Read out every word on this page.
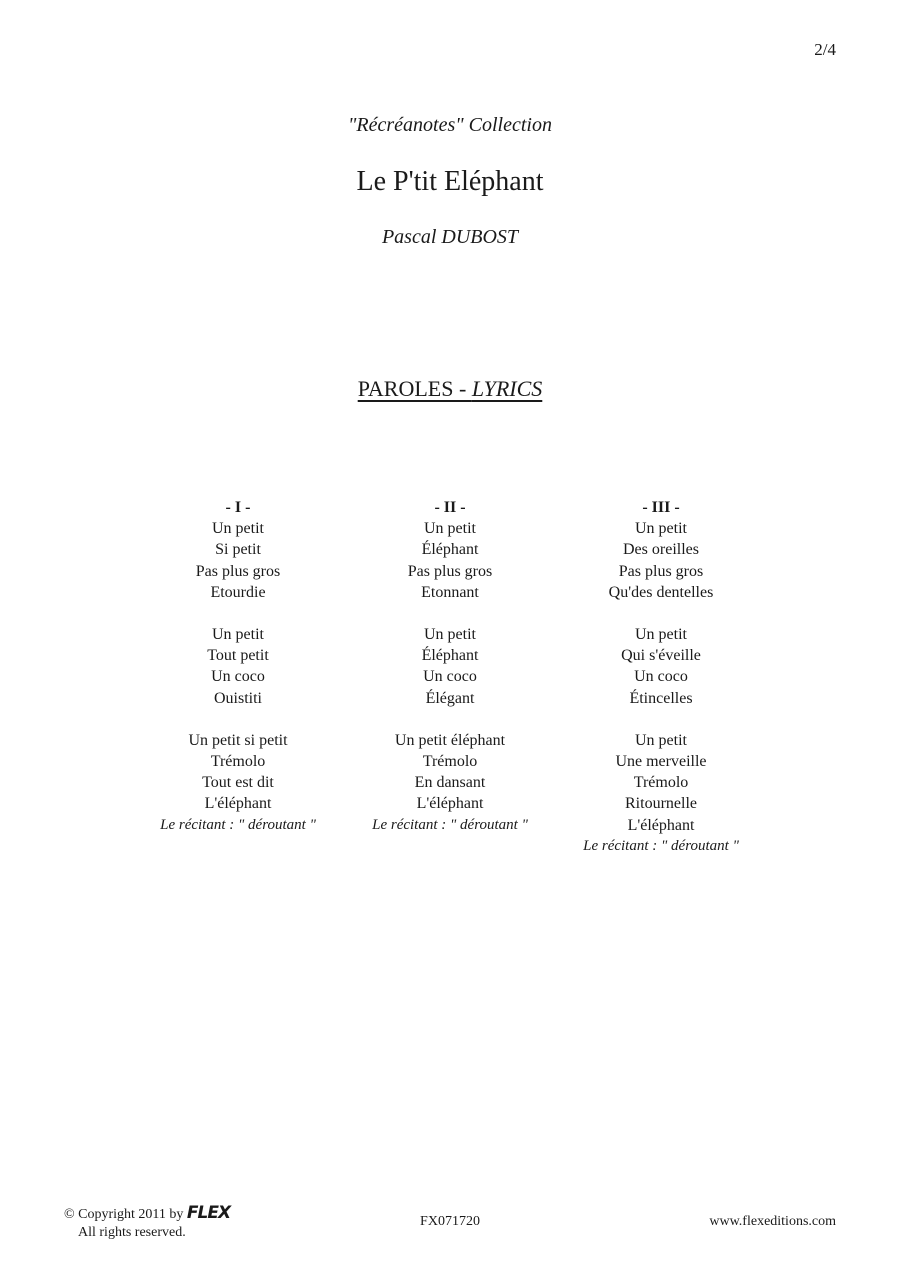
2/4
"Récréanotes" Collection
Le P'tit Eléphant
Pascal DUBOST
PAROLES - LYRICS
- I -
Un petit
Si petit
Pas plus gros
Etourdie
Un petit
Tout petit
Un coco
Ouistiti
Un petit si petit
Trémolo
Tout est dit
L'éléphant
Le récitant : " déroutant "
- II -
Un petit
Éléphant
Pas plus gros
Etonnant
Un petit
Éléphant
Un coco
Élégant
Un petit éléphant
Trémolo
En dansant
L'éléphant
Le récitant : " déroutant "
- III -
Un petit
Des oreilles
Pas plus gros
Qu'des dentelles
Un petit
Qui s'éveille
Un coco
Étincelles
Un petit
Une merveille
Trémolo
Ritournelle
L'éléphant
Le récitant : " déroutant "
© Copyright 2011 by FLEX
All rights reserved.
FX071720	www.flexeditions.com
